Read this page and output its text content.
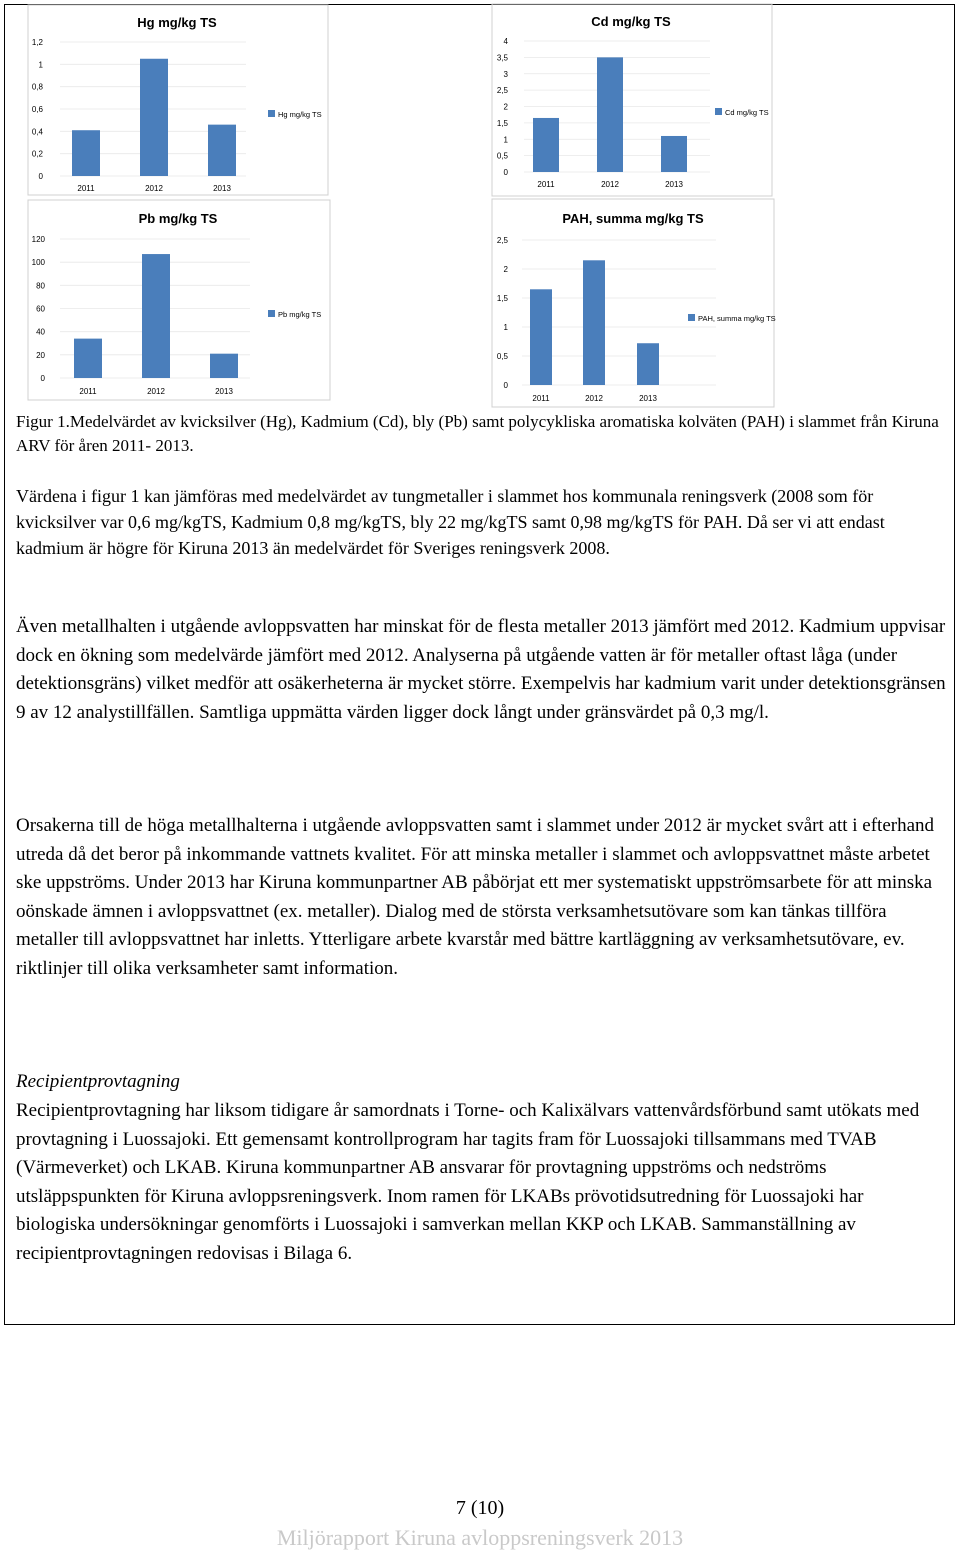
0
0,2
0,4
0,6
0,8
1
1,2
2011	2012	2013
Hg mg/kg TS
Hg mg/kg TS
0
0,5
1
1,5
2
2,5
3
3,5
4
2011	2012	2013
Cd mg/kg TS
Cd mg/kg TS
0
20
40
60
80
100
120
2011	2012	2013
Pb mg/kg TS
Pb mg/kg TS
0
0,5
1
1,5
2
2,5
2011	2012	2013
PAH, summa mg/kg TS
PAH, summa mg/kg TS
Figur 1.Medelvärdet av kvicksilver (Hg), Kadmium (Cd), bly (Pb) samt polycykliska aromatiska kolväten (PAH) i slammet från Kiruna ARV för åren 2011- 2013.

Värdena i figur 1 kan jämföras med medelvärdet av tungmetaller i slammet hos kommunala reningsverk (2008 som för kvicksilver var 0,6 mg/kgTS, Kadmium 0,8 mg/kgTS, bly 22 mg/kgTS samt 0,98 mg/kgTS för PAH. Då ser vi att endast kadmium är högre för Kiruna 2013 än medelvärdet för Sveriges reningsverk 2008.

Även metallhalten i utgående avloppsvatten har minskat för de flesta metaller 2013 jämfört med 2012. Kadmium uppvisar dock en ökning som medelvärde jämfört med 2012. Analyserna på utgående vatten är för metaller oftast låga (under detektionsgräns) vilket medför att osäkerheterna är mycket större. Exempelvis har kadmium varit under detektionsgränsen 9 av 12 analystillfällen. Samtliga uppmätta värden ligger dock långt under gränsvärdet på 0,3 mg/l.

Orsakerna till de höga metallhalterna i utgående avloppsvatten samt i slammet under 2012 är mycket svårt att i efterhand utreda då det beror på inkommande vattnets kvalitet. För att minska metaller i slammet och avloppsvattnet måste arbetet ske uppströms. Under 2013 har Kiruna kommunpartner AB påbörjat ett mer systematiskt uppströmsarbete för att minska oönskade ämnen i avloppsvattnet (ex. metaller). Dialog med de största verksamhetsutövare som kan tänkas tillföra metaller till avloppsvattnet har inletts. Ytterligare arbete kvarstår med bättre kartläggning av verksamhetsutövare, ev. riktlinjer till olika verksamheter samt information.

Recipientprovtagning

Recipientprovtagning har liksom tidigare år samordnats i Torne- och Kalixälvars vattenvårdsförbund samt utökats med provtagning i Luossajoki. Ett gemensamt kontrollprogram har tagits fram för Luossajoki tillsammans med TVAB (Värmeverket) och LKAB. Kiruna kommunpartner AB ansvarar för provtagning uppströms och nedströms utsläppspunkten för Kiruna avloppsreningsverk. Inom ramen för LKABs prövotidsutredning för Luossajoki har biologiska undersökningar genomförts i Luossajoki i samverkan mellan KKP och LKAB. Sammanställning av recipientprovtagningen redovisas i Bilaga 6.

7 (10)
Miljörapport Kiruna avloppsreningsverk 2013
